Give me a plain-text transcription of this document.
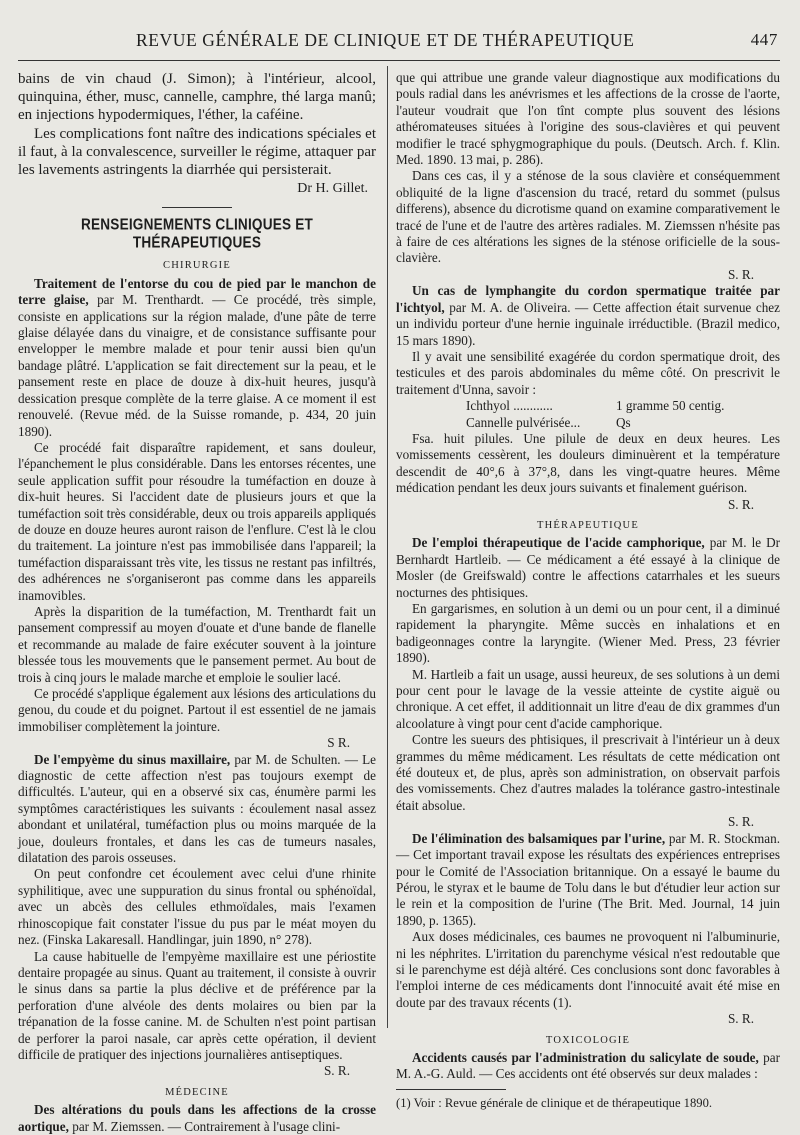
REVUE GÉNÉRALE DE CLINIQUE ET DE THÉRAPEUTIQUE	447

bains de vin chaud (J. Simon); à l'intérieur, alcool, quinquina, éther, musc, cannelle, camphre, thé larga manû; en injections hypodermiques, l'éther, la caféine.

Les complications font naître des indications spéciales et il faut, à la convalescence, surveiller le régime, attaquer par les lavements astringents la diarrhée qui persisterait.

Dr H. Gillet.
RENSEIGNEMENTS CLINIQUES ET THÉRAPEUTIQUES
CHIRURGIE

Traitement de l'entorse du cou de pied par le manchon de terre glaise, par M. Trenthardt. — Ce procédé, très simple, consiste en applications sur la région malade, d'une pâte de terre glaise délayée dans du vinaigre, et de consistance suffisante pour envelopper le membre malade et pour tenir aussi bien qu'un bandage plâtré. L'application se fait directement sur la peau, et le pansement reste en place de douze à dix-huit heures, jusqu'à dessication presque complète de la terre glaise. A ce moment il est renouvelé. (Revue méd. de la Suisse romande, p. 434, 20 juin 1890).

Ce procédé fait disparaître rapidement, et sans douleur, l'épanchement le plus considérable. Dans les entorses récentes, une seule application suffit pour résoudre la tuméfaction en douze à dix-huit heures. Si l'accident date de plusieurs jours et que la tuméfaction soit très considérable, deux ou trois appareils appliqués de douze en douze heures auront raison de l'enflure. C'est là le clou du traitement. La jointure n'est pas immobilisée dans l'appareil; la tuméfaction disparaissant très vite, les tissus ne restant pas infiltrés, des adhérences ne s'organiseront pas comme dans les appareils inamovibles.

Après la disparition de la tuméfaction, M. Trenthardt fait un pansement compressif au moyen d'ouate et d'une bande de flanelle et recommande au malade de faire exécuter souvent à la jointure blessée tous les mouvements que le pansement permet. Au bout de trois à cinq jours le malade marche et emploie le soulier lacé.

Ce procédé s'applique également aux lésions des articulations du genou, du coude et du poignet. Partout il est essentiel de ne jamais immobiliser complètement la jointure.

S R.

De l'empyème du sinus maxillaire, par M. de Schulten. — Le diagnostic de cette affection n'est pas toujours exempt de difficultés. L'auteur, qui en a observé six cas, énumère parmi les symptômes caractéristiques les suivants : écoulement nasal assez abondant et unilatéral, tuméfaction plus ou moins marquée de la joue, douleurs frontales, et dans les cas de tumeurs nasales, dilatation des parois osseuses.

On peut confondre cet écoulement avec celui d'une rhinite syphilitique, avec une suppuration du sinus frontal ou sphénoïdal, avec un abcès des cellules ethmoïdales, mais l'examen rhinoscopique fait constater l'issue du pus par le méat moyen du nez. (Finska Lakaresall. Handlingar, juin 1890, n° 278).

La cause habituelle de l'empyème maxillaire est une périostite dentaire propagée au sinus. Quant au traitement, il consiste à ouvrir le sinus dans sa partie la plus déclive et de préférence par la perforation d'une alvéole des dents molaires ou bien par la trépanation de la fosse canine. M. de Schulten n'est point partisan de perforer la paroi nasale, car après cette opération, il devient difficile de pratiquer des injections journalières antiseptiques.

S. R.
MÉDECINE

Des altérations du pouls dans les affections de la crosse aortique, par M. Ziemssen. — Contrairement à l'usage clini-

que qui attribue une grande valeur diagnostique aux modifications du pouls radial dans les anévrismes et les affections de la crosse de l'aorte, l'auteur voudrait que l'on tînt compte plus souvent des lésions athéromateuses situées à l'origine des sous-clavières et qui peuvent modifier le tracé sphygmographique du pouls. (Deutsch. Arch. f. Klin. Med. 1890. 13 mai, p. 286).

Dans ces cas, il y a sténose de la sous clavière et conséquemment obliquité de la ligne d'ascension du tracé, retard du sommet (pulsus differens), absence du dicrotisme quand on examine comparativement le tracé de l'une et de l'autre des artères radiales. M. Ziemssen n'hésite pas à faire de ces altérations les signes de la sténose orificielle de la sous-clavière.

S. R.

Un cas de lymphangite du cordon spermatique traitée par l'ichtyol, par M. A. de Oliveira. — Cette affection était survenue chez un individu porteur d'une hernie inguinale irréductible. (Brazil medico, 15 mars 1890).

Il y avait une sensibilité exagérée du cordon spermatique droit, des testicules et des parois abdominales du même côté. On prescrivit le traitement d'Unna, savoir :

Ichthyol ............	1 gramme 50 centig.
Cannelle pulvérisée...	Qs

Fsa. huit pilules. Une pilule de deux en deux heures. Les vomissements cessèrent, les douleurs diminuèrent et la température descendit de 40°,6 à 37°,8, dans les vingt-quatre heures. Même médication pendant les deux jours suivants et finalement guérison.

S. R.
THÉRAPEUTIQUE

De l'emploi thérapeutique de l'acide camphorique, par M. le Dr Bernhardt Hartleib. — Ce médicament a été essayé à la clinique de Mosler (de Greifswald) contre le affections catarrhales et les sueurs nocturnes des phtisiques.

En gargarismes, en solution à un demi ou un pour cent, il a diminué rapidement la pharyngite. Même succès en inhalations et en badigeonnages contre la laryngite. (Wiener Med. Press, 23 février 1890).

M. Hartleib a fait un usage, aussi heureux, de ses solutions à un demi pour cent pour le lavage de la vessie atteinte de cystite aiguë ou chronique. A cet effet, il additionnait un litre d'eau de dix grammes d'un alcoolature à vingt pour cent d'acide camphorique.

Contre les sueurs des phtisiques, il prescrivait à l'intérieur un à deux grammes du même médicament. Les résultats de cette médication ont été douteux et, de plus, après son administration, on observait parfois des vomissements. Chez d'autres malades la tolérance gastro-intestinale était absolue.

S. R.

De l'élimination des balsamiques par l'urine, par M. R. Stockman. — Cet important travail expose les résultats des expériences entreprises pour le Comité de l'Association britannique. On a essayé le baume du Pérou, le styrax et le baume de Tolu dans le but d'étudier leur action sur le rein et la composition de l'urine (The Brit. Med. Journal, 14 juin 1890, p. 1365).

Aux doses médicinales, ces baumes ne provoquent ni l'albuminurie, ni les néphrites. L'irritation du parenchyme vésical n'est redoutable que si le parenchyme est déjà altéré. Ces conclusions sont donc favorables à l'emploi interne de ces médicaments dont l'innocuité avait été mise en doute par des travaux récents (1).

S. R.
TOXICOLOGIE

Accidents causés par l'administration du salicylate de soude, par M. A.-G. Auld. — Ces accidents ont été observés sur deux malades :

(1) Voir : Revue générale de clinique et de thérapeutique 1890.
